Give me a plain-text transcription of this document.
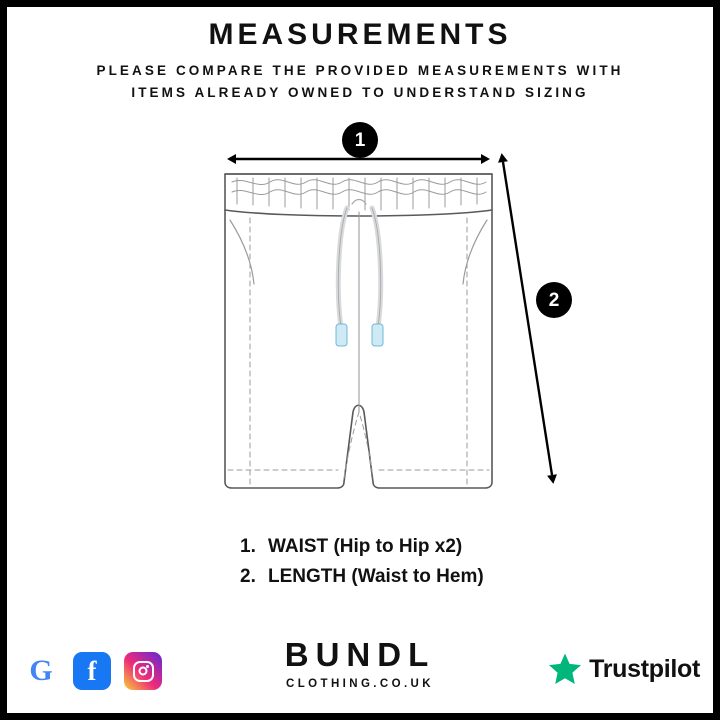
MEASUREMENTS
PLEASE COMPARE THE PROVIDED MEASUREMENTS WITH
ITEMS ALREADY OWNED TO UNDERSTAND SIZING
1
2
1. WAIST (Hip to Hip x2)
2. LENGTH (Waist to Hem)
G	f	BUNDL
CLOTHING.CO.UK
Trustpilot
